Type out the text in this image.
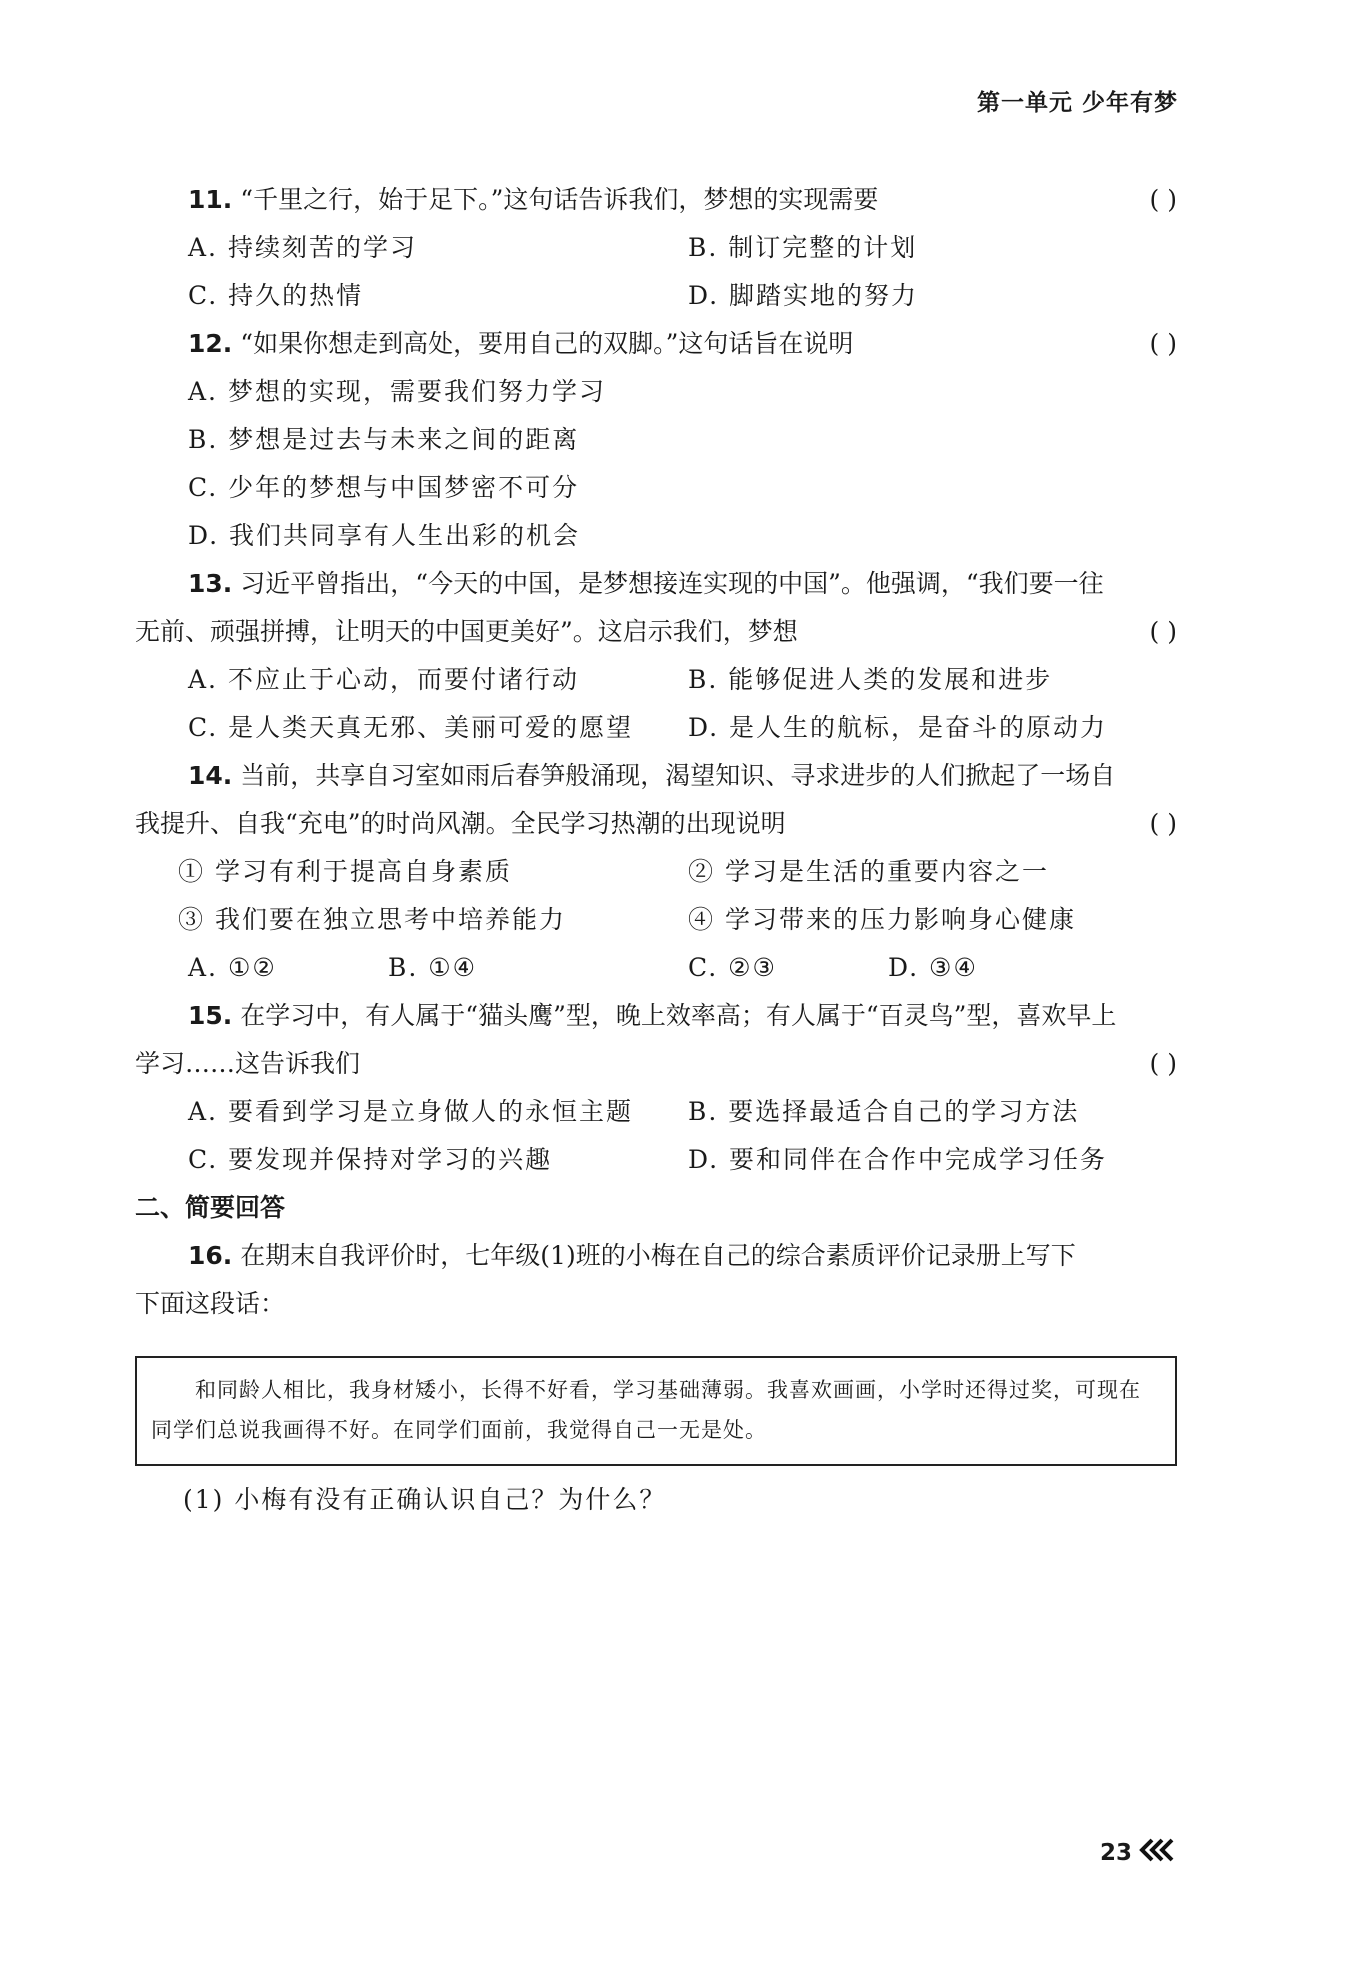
第一单元 少年有梦
11. “千里之行，始于足下。”这句话告诉我们，梦想的实现需要	( )
A. 持续刻苦的学习	B. 制订完整的计划
C. 持久的热情	D. 脚踏实地的努力
12. “如果你想走到高处，要用自己的双脚。”这句话旨在说明	( )
A. 梦想的实现，需要我们努力学习
B. 梦想是过去与未来之间的距离
C. 少年的梦想与中国梦密不可分
D. 我们共同享有人生出彩的机会
13. 习近平曾指出，“今天的中国，是梦想接连实现的中国”。他强调，“我们要一往
无前、顽强拼搏，让明天的中国更美好”。这启示我们，梦想	( )
A. 不应止于心动，而要付诸行动	B. 能够促进人类的发展和进步
C. 是人类天真无邪、美丽可爱的愿望 D. 是人生的航标，是奋斗的原动力
14. 当前，共享自习室如雨后春笋般涌现，渴望知识、寻求进步的人们掀起了一场自
我提升、自我“充电”的时尚风潮。全民学习热潮的出现说明	( )
① 学习有利于提高自身素质	② 学习是生活的重要内容之一
③ 我们要在独立思考中培养能力	④ 学习带来的压力影响身心健康
A. ①②	B. ①④	C. ②③	D. ③④
15. 在学习中，有人属于“猫头鹰”型，晚上效率高；有人属于“百灵鸟”型，喜欢早上
学习……这告诉我们	( )
A. 要看到学习是立身做人的永恒主题 B. 要选择最适合自己的学习方法
C. 要发现并保持对学习的兴趣	D. 要和同伴在合作中完成学习任务
二、简要回答
16. 在期末自我评价时，七年级(1)班的小梅在自己的综合素质评价记录册上写下
下面这段话：
和同龄人相比，我身材矮小，长得不好看，学习基础薄弱。我喜欢画画，小学时还得过奖，可现在同学们总说我画得不好。在同学们面前，我觉得自己一无是处。
(1) 小梅有没有正确认识自己？为什么？
23
